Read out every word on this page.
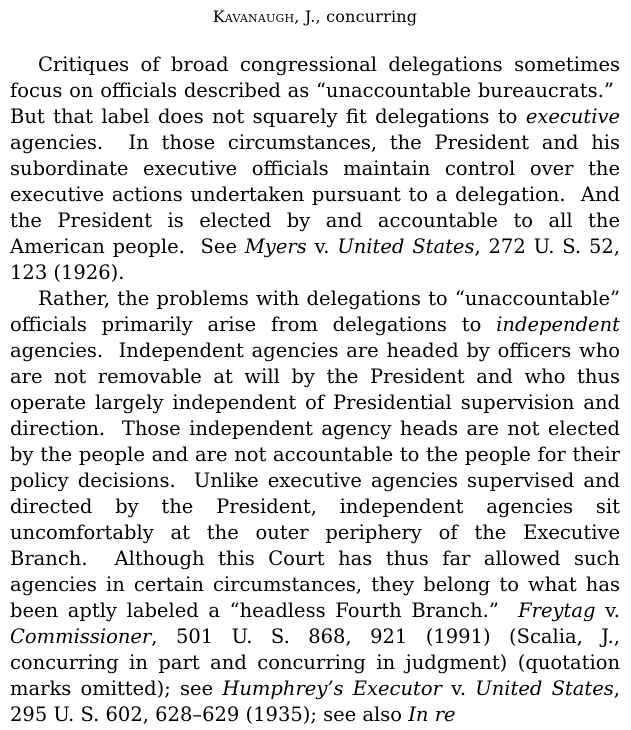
Kavanaugh, J., concurring

Critiques of broad congressional delegations sometimes focus on officials described as “unaccountable bureaucrats.”  But that label does not squarely fit delegations to executive agencies.  In those circumstances, the President and his subordinate executive officials maintain control over the executive actions undertaken pursuant to a delegation.  And the President is elected by and accountable to all the American people.  See Myers v. United States, 272 U. S. 52, 123 (1926).

Rather, the problems with delegations to “unaccountable” officials primarily arise from delegations to independent agencies.  Independent agencies are headed by officers who are not removable at will by the President and who thus operate largely independent of Presidential supervision and direction.  Those independent agency heads are not elected by the people and are not accountable to the people for their policy decisions.  Unlike executive agencies supervised and directed by the President, independent agencies sit uncomfortably at the outer periphery of the Executive Branch.  Although this Court has thus far allowed such agencies in certain circumstances, they belong to what has been aptly labeled a “headless Fourth Branch.”  Freytag v. Commissioner, 501 U. S. 868, 921 (1991) (Scalia, J., concurring in part and concurring in judgment) (quotation marks omitted); see Humphrey’s Executor v. United States, 295 U. S. 602, 628–629 (1935); see also In re
